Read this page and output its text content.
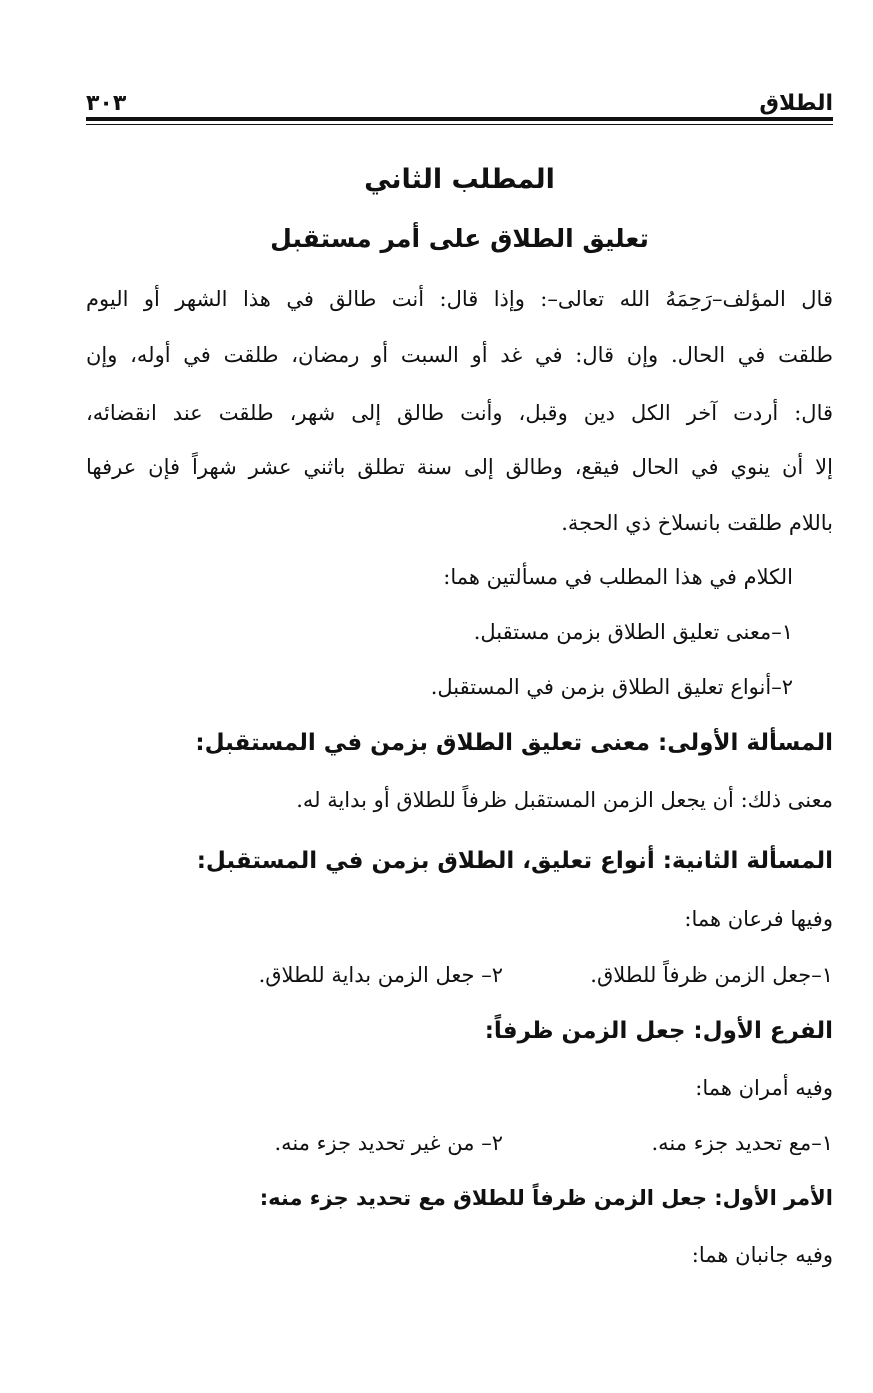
الطلاق
٣٠٣
المطلب الثاني
تعليق الطلاق على أمر مستقبل
قال المؤلف–رَحِمَهُ الله تعالى–: وإذا قال: أنت طالق في هذا الشهر أو اليوم
طلقت في الحال. وإن قال: في غد أو السبت أو رمضان، طلقت في أوله، وإن
قال: أردت آخر الكل دين وقبل، وأنت طالق إلى شهر، طلقت عند انقضائه،
إلا أن ينوي في الحال فيقع، وطالق إلى سنة تطلق باثني عشر شهراً فإن عرفها
باللام طلقت بانسلاخ ذي الحجة.
الكلام في هذا المطلب في مسألتين هما:
١–معنى تعليق الطلاق بزمن مستقبل.
٢–أنواع تعليق الطلاق بزمن في المستقبل.
المسألة الأولى: معنى تعليق الطلاق بزمن في المستقبل:
معنى ذلك: أن يجعل الزمن المستقبل ظرفاً للطلاق أو بداية له.
المسألة الثانية: أنواع تعليق، الطلاق بزمن في المستقبل:
وفيها فرعان هما:
١–جعل الزمن ظرفاً للطلاق.
٢– جعل الزمن بداية للطلاق.
الفرع الأول: جعل الزمن ظرفاً:
وفيه أمران هما:
١–مع تحديد جزء منه.
٢– من غير تحديد جزء منه.
الأمر الأول: جعل الزمن ظرفاً للطلاق مع تحديد جزء منه:
وفيه جانبان هما:
